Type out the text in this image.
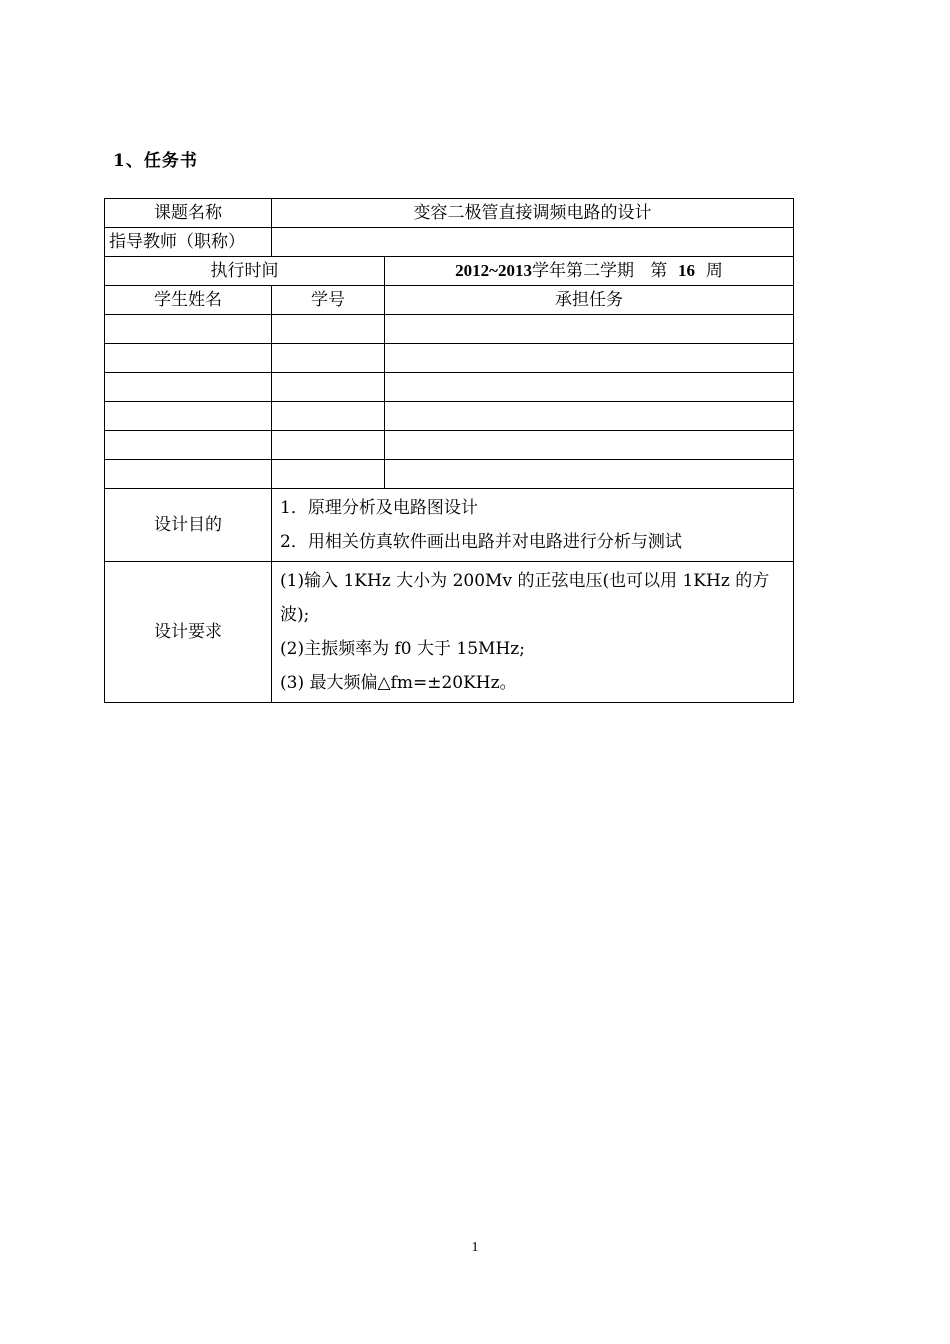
1、任务书
课题名称	变容二极管直接调频电路的设计	
指导教师（职称）		
执行时间		2012~2013学年第二学期 第 16 周
学生姓名	学号	承担任务

设计目的	1．原理分析及电路图设计
2．用相关仿真软件画出电路并对电路进行分析与测试	

设计要求	(1)输入 1KHz 大小为 200Mv 的正弦电压(也可以用 1KHz 的方波);
(2)主振频率为 f0 大于 15MHz;
(3) 最大频偏△fm=±20KHz。	
1
